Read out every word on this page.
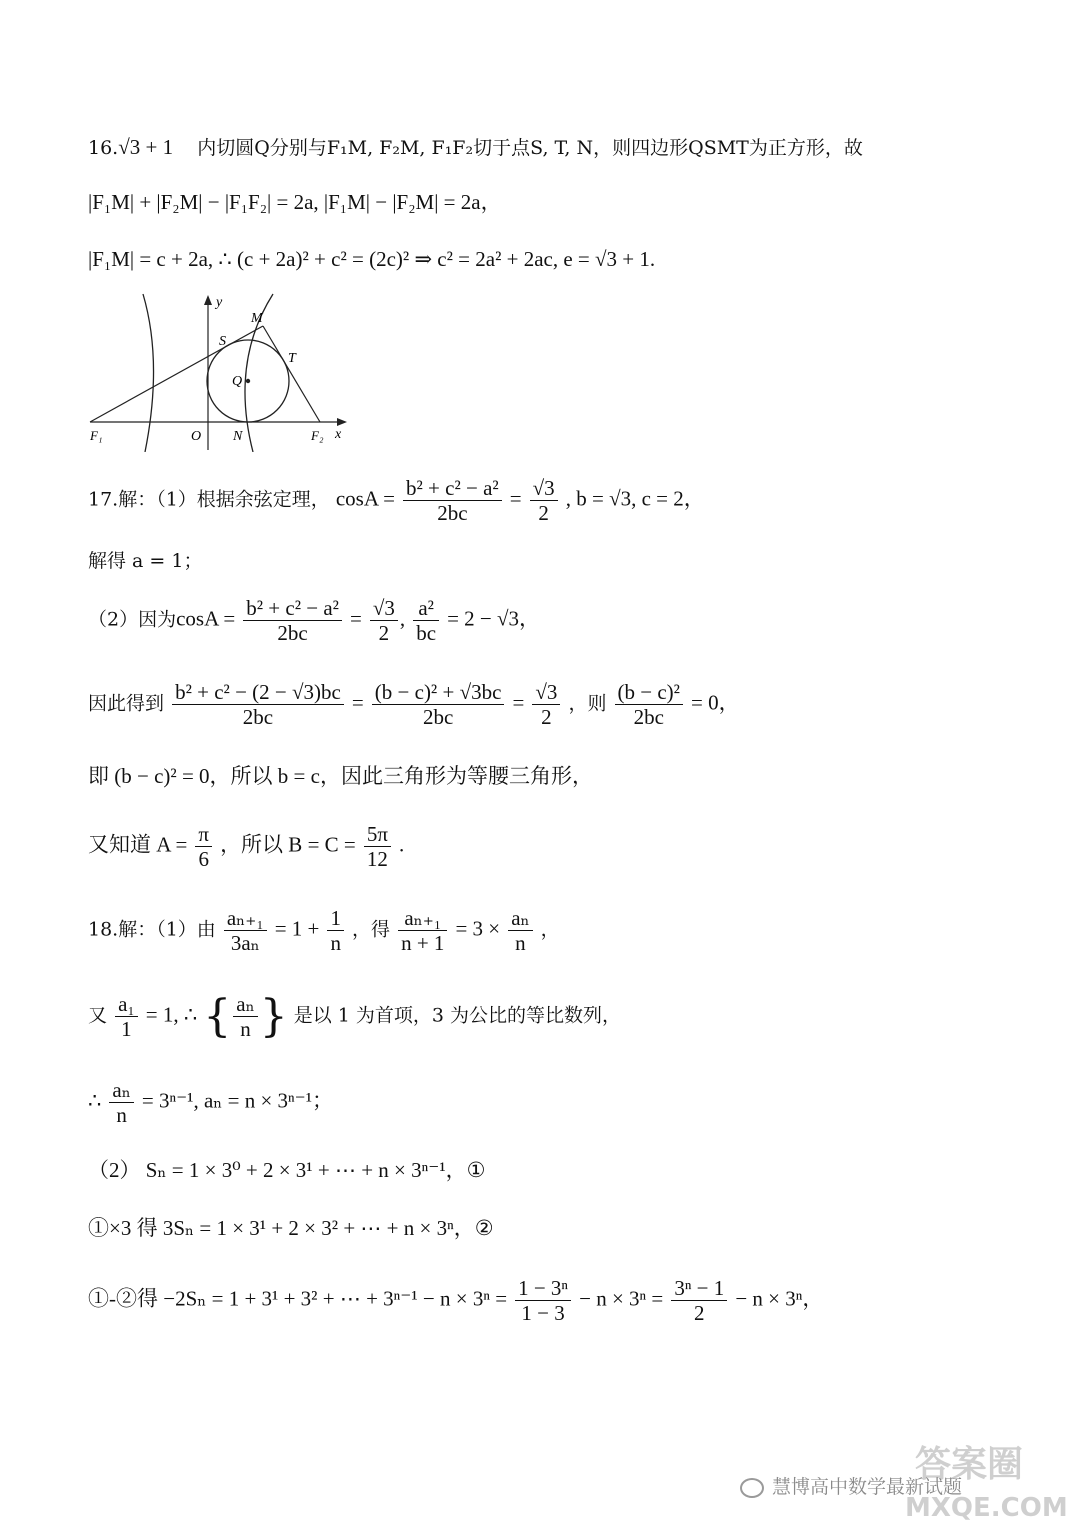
16.√3 + 1 内切圆Q分别与F₁M, F₂M, F₁F₂切于点S, T, N，则四边形QSMT为正方形，故
|F₁M| + |F₂M| − |F₁F₂| = 2a, |F₁M| − |F₂M| = 2a，
|F₁M| = c + 2a, ∴ (c + 2a)² + c² = (2c)² ⇒ c² = 2a² + 2ac, e = √3 + 1.
y
M
S
T
Q
F₁	O N	F₂ x
17.解：（1）根据余弦定理， $\cos A = \frac{\text{b² + c² − a²}}{2bc} = \frac{√3}{2}$ , b = √3, c = 2，
解得 a = 1；
（2）因为$\cos A = \frac{\text{b² + c² − a²}}{2bc} = \frac{√3}{2}$ , $\frac{\text{a²}}{bc} = 2 - √3$，
因此得到 $\frac{\text{b² + c² − (2 − √3)bc}}{2bc} = \frac{\text{(b − c)² + √3bc}}{2bc} = \frac{√3}{2}$ ，则 $\frac{\text{(b − c)²}}{2bc} = 0$，
即 (b − c)² = 0，所以 b = c，因此三角形为等腰三角形，
又知道 $A = \frac{\pi}{6}$ ，所以 $B = C = \frac{5\pi}{12}$ .
18.解：（1）由 $\frac{\text{aₙ₊₁}}{\text{3aₙ}} = 1 + \frac{1}{n}$ ，得 $\frac{\text{aₙ₊₁}}{n + 1} = 3 \times \frac{\text{aₙ}}{n}$ ，
又 $\frac{\text{a₁}}{1} = 1$, ∴ { $\frac{\text{aₙ}}{n}$ } 是以 1 为首项，3 为公比的等比数列，
∴ $\frac{\text{aₙ}}{n} = 3^{n-1}$, aₙ = n × 3ⁿ⁻¹；
（2） Sₙ = 1 × 3⁰ + 2 × 3¹ + ⋯ + n × 3ⁿ⁻¹，①
①×3 得 3Sₙ = 1 × 3¹ + 2 × 3² + ⋯ + n × 3ⁿ，②
①-②得 −2Sₙ = 1 + 3¹ + 3² + ⋯ + $3^{n-1} - n \times 3^n = \frac{\text{1 − 3ⁿ}}{1 - 3} - n \times 3^n = \frac{\text{3ⁿ − 1}}{2} - n \times 3^n$，
慧博高中数学最新试题
答案圈
MXQE.COM
